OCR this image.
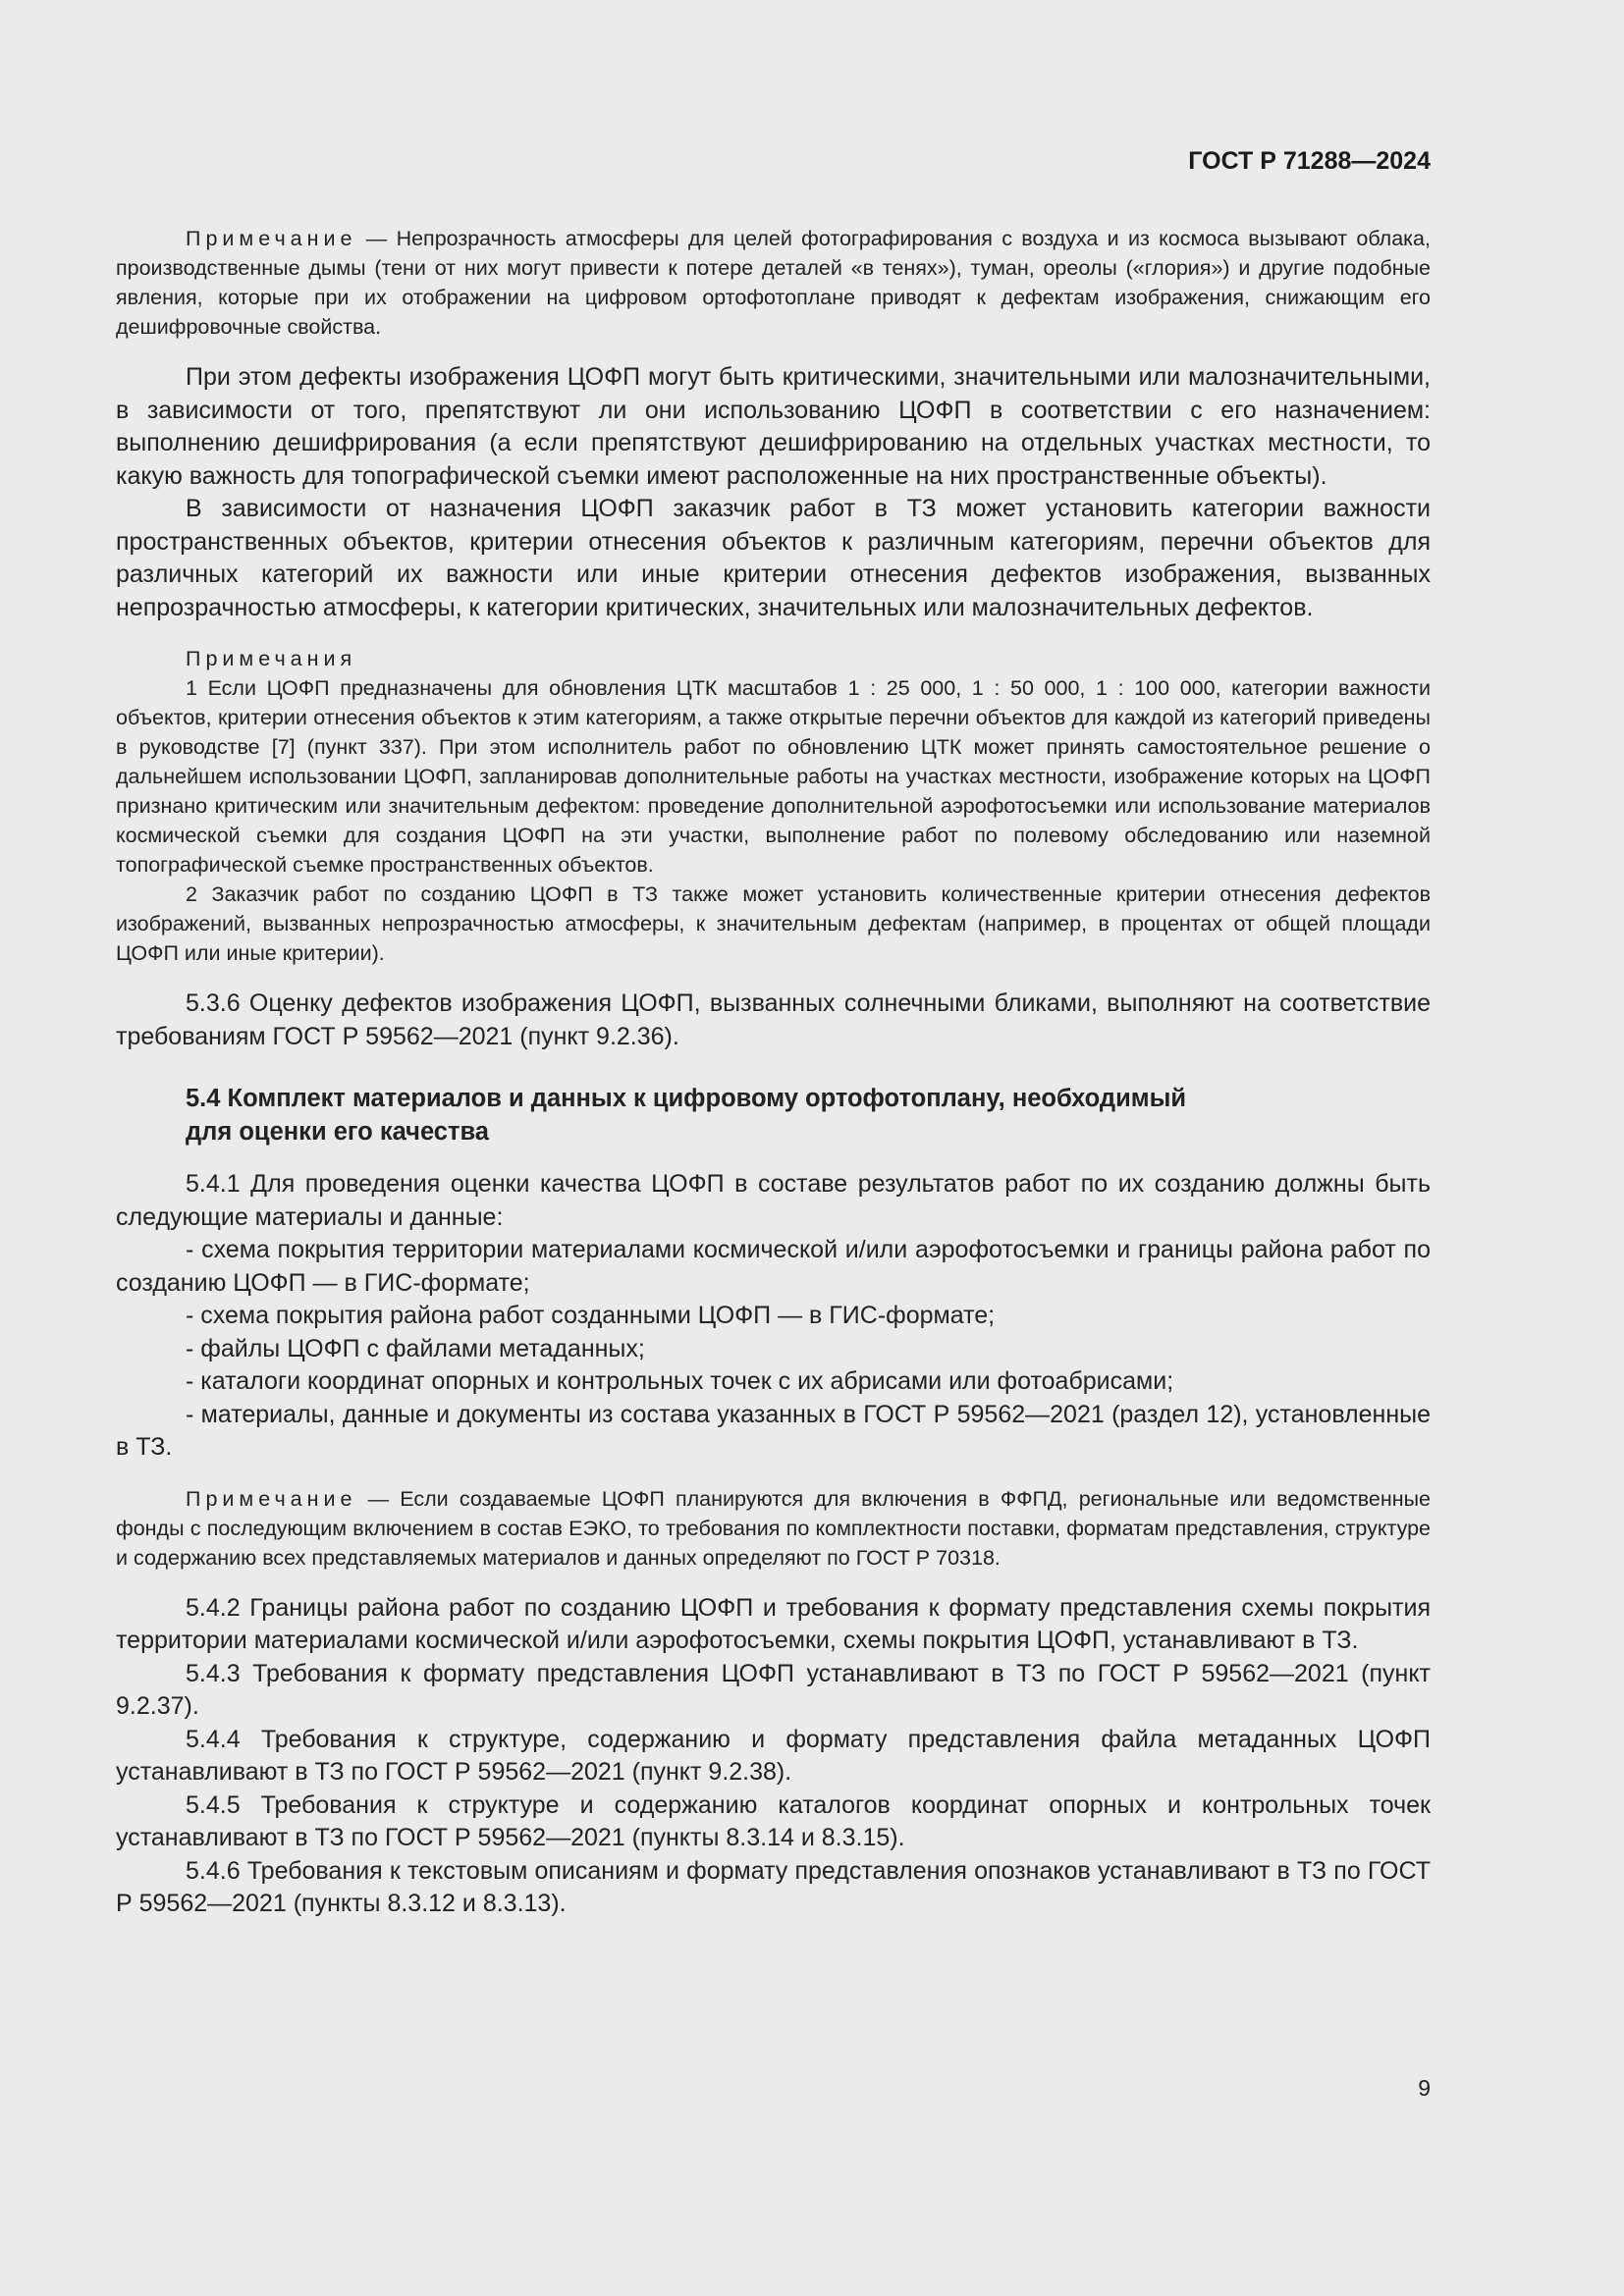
ГОСТ Р 71288—2024

Примечание — Непрозрачность атмосферы для целей фотографирования с воздуха и из космоса вызывают облака, производственные дымы (тени от них могут привести к потере деталей «в тенях»), туман, ореолы («глория») и другие подобные явления, которые при их отображении на цифровом ортофотоплане приводят к дефектам изображения, снижающим его дешифровочные свойства.

При этом дефекты изображения ЦОФП могут быть критическими, значительными или малозначительными, в зависимости от того, препятствуют ли они использованию ЦОФП в соответствии с его назначением: выполнению дешифрирования (а если препятствуют дешифрированию на отдельных участках местности, то какую важность для топографической съемки имеют расположенные на них пространственные объекты).

В зависимости от назначения ЦОФП заказчик работ в ТЗ может установить категории важности пространственных объектов, критерии отнесения объектов к различным категориям, перечни объектов для различных категорий их важности или иные критерии отнесения дефектов изображения, вызванных непрозрачностью атмосферы, к категории критических, значительных или малозначительных дефектов.

Примечания

1 Если ЦОФП предназначены для обновления ЦТК масштабов 1 : 25 000, 1 : 50 000, 1 : 100 000, категории важности объектов, критерии отнесения объектов к этим категориям, а также открытые перечни объектов для каждой из категорий приведены в руководстве [7] (пункт 337). При этом исполнитель работ по обновлению ЦТК может принять самостоятельное решение о дальнейшем использовании ЦОФП, запланировав дополнительные работы на участках местности, изображение которых на ЦОФП признано критическим или значительным дефектом: проведение дополнительной аэрофотосъемки или использование материалов космической съемки для создания ЦОФП на эти участки, выполнение работ по полевому обследованию или наземной топографической съемке пространственных объектов.

2 Заказчик работ по созданию ЦОФП в ТЗ также может установить количественные критерии отнесения дефектов изображений, вызванных непрозрачностью атмосферы, к значительным дефектам (например, в процентах от общей площади ЦОФП или иные критерии).

5.3.6 Оценку дефектов изображения ЦОФП, вызванных солнечными бликами, выполняют на соответствие требованиям ГОСТ Р 59562—2021 (пункт 9.2.36).

5.4 Комплект материалов и данных к цифровому ортофотоплану, необходимый
для оценки его качества

5.4.1 Для проведения оценки качества ЦОФП в составе результатов работ по их созданию должны быть следующие материалы и данные:

- схема покрытия территории материалами космической и/или аэрофотосъемки и границы района работ по созданию ЦОФП — в ГИС-формате;

- схема покрытия района работ созданными ЦОФП — в ГИС-формате;

- файлы ЦОФП с файлами метаданных;

- каталоги координат опорных и контрольных точек с их абрисами или фотоабрисами;

- материалы, данные и документы из состава указанных в ГОСТ Р 59562—2021 (раздел 12), установленные в ТЗ.

Примечание — Если создаваемые ЦОФП планируются для включения в ФФПД, региональные или ведомственные фонды с последующим включением в состав ЕЭКО, то требования по комплектности поставки, форматам представления, структуре и содержанию всех представляемых материалов и данных определяют по ГОСТ Р 70318.

5.4.2 Границы района работ по созданию ЦОФП и требования к формату представления схемы покрытия территории материалами космической и/или аэрофотосъемки, схемы покрытия ЦОФП, устанавливают в ТЗ.

5.4.3 Требования к формату представления ЦОФП устанавливают в ТЗ по ГОСТ Р 59562—2021 (пункт 9.2.37).

5.4.4 Требования к структуре, содержанию и формату представления файла метаданных ЦОФП устанавливают в ТЗ по ГОСТ Р 59562—2021 (пункт 9.2.38).

5.4.5 Требования к структуре и содержанию каталогов координат опорных и контрольных точек устанавливают в ТЗ по ГОСТ Р 59562—2021 (пункты 8.3.14 и 8.3.15).

5.4.6 Требования к текстовым описаниям и формату представления опознаков устанавливают в ТЗ по ГОСТ Р 59562—2021 (пункты 8.3.12 и 8.3.13).

9
